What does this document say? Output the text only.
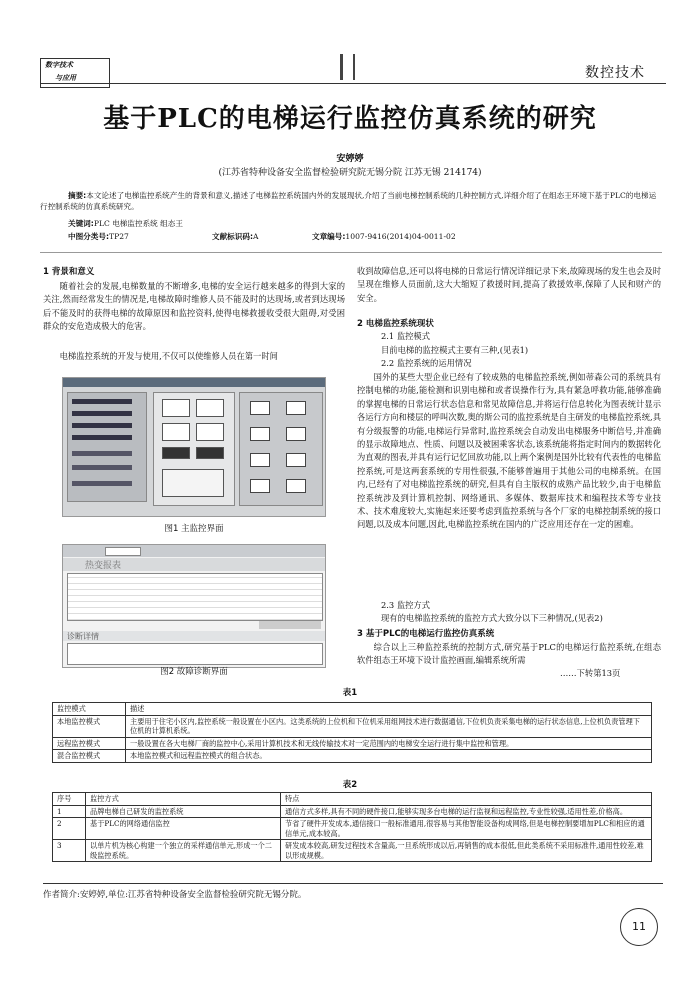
数字技术
与应用	数控技术
基于PLC的电梯运行监控仿真系统的研究
安婷婷
(江苏省特种设备安全监督检验研究院无锡分院 江苏无锡 214174)
摘要:本文论述了电梯监控系统产生的背景和意义,描述了电梯监控系统国内外的发展现状,介绍了当前电梯控制系统的几种控制方式,详细介绍了在组态王环境下基于PLC的电梯运行控制系统的仿真系统研究。
关键词:PLC 电梯监控系统 组态王
中图分类号:TP27	文献标识码:A	文章编号:1007-9416(2014)04-0011-02
1 背景和意义
随着社会的发展,电梯数量的不断增多,电梯的安全运行越来越多的得到大家的关注,然而经常发生的情况是,电梯故障时维修人员不能及时的达现场,或者到达现场后不能及时的获得电梯的故障原因和监控资料,使得电梯救援收受很大阻碍,对受困群众的安危造成极大的危害。
电梯监控系统的开发与使用,不仅可以使维修人员在第一时间
图1 主监控界面
热变报表
诊断详情
图2 故障诊断界面
收到故障信息,还可以将电梯的日常运行情况详细记录下来,故障现场的发生也会及时呈现在维修人员面前,这大大缩短了救援时间,提高了救援效率,保障了人民和财产的安全。
2 电梯监控系统现状
2.1 监控模式
目前电梯的监控模式主要有三种,(见表1)
2.2 监控系统的运用情况
国外的某些大型企业已经有了较成熟的电梯监控系统,例如蒂森公司的系统具有控制电梯的功能,能检测和识别电梯和或者误操作行为,具有紧急呼救功能,能够准确的掌握电梯的日常运行状态信息和常见故障信息,并将运行信息转化为图表统计显示各运行方向和楼层的呼叫次数,奥的斯公司的监控系统是自主研发的电梯监控系统,具有分级报警的功能,电梯运行异常时,监控系统会自动发出电梯服务中断信号,并准确的显示故障地点、性质、问题以及被困乘客状态,该系统能将指定时间内的数据转化为直观的图表,并具有运行记忆回放功能,以上两个案例是国外比较有代表性的电梯监控系统,可是这两套系统的专用性很强,不能够普遍用于其他公司的电梯系统。在国内,已经有了对电梯监控系统的研究,但具有自主版权的成熟产品比较少,由于电梯监控系统涉及到计算机控制、网络通讯、多媒体、数据库技术和编程技术等专业技术、技术难度较大,实施起来还要考虑到监控系统与各个厂家的电梯控制系统的接口问题,以及成本问题,因此,电梯监控系统在国内的广泛应用还存在一定的困难。
2.3 监控方式
现有的电梯监控系统的监控方式大致分以下三种情况,(见表2)
3 基于PLC的电梯运行监控仿真系统
综合以上三种监控系统的控制方式,研究基于PLC的电梯运行监控系统,在组态软件组态王环境下设计监控画面,编辑系统所需
……下转第13页
表1
监控模式	描述
本地监控模式	主要用于住宅小区内,监控系统一般设置在小区内。这类系统的上位机和下位机采用组网技术进行数据通信,下位机负责采集电梯的运行状态信息,上位机负责管理下位机的计算机系统。
远程监控模式	一般设置在各大电梯厂商的监控中心,采用计算机技术和无线传输技术对一定范围内的电梯安全运行进行集中监控和管理。
混合监控模式	本地监控模式和远程监控模式的组合状态。
表2
序号	监控方式	特点
1	品牌电梯自己研发的监控系统	通信方式多样,具有不同的硬件接口,能够实现多台电梯的运行监视和远程监控,专业性较强,适用性差,价格高。
2	基于PLC的网络通信监控	节省了硬件开发成本,通信接口一般标准通用,很容易与其他智能设备构成网络,但是电梯控制要增加PLC和相应的通信单元,成本较高。
3	以单片机为核心构建一个独立的采样通信单元,形成一个二级监控系统。	研发成本较高,研发过程技术含量高,一旦系统形成以后,再销售的成本很低,但此类系统不采用标准件,通用性较差,难以形成规模。
作者简介:安婷婷,单位:江苏省特种设备安全监督检验研究院无锡分院。
11
